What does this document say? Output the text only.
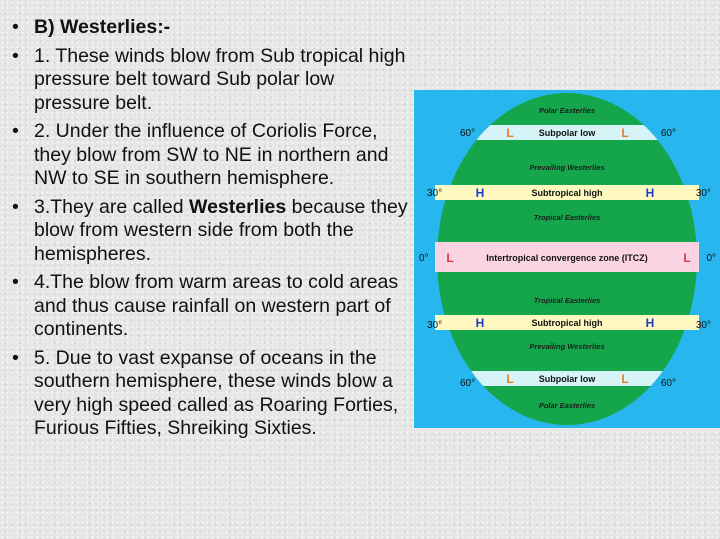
• B) Westerlies:-
• 1. These winds blow from Sub tropical high pressure belt toward Sub polar low pressure belt.
• 2. Under the influence of Coriolis Force, they blow from SW to NE in northern and NW to SE in southern hemisphere.
• 3.They are called Westerlies because they blow from western side from both the hemispheres.
• 4.The blow from warm areas to cold areas and thus cause rainfall on western part of continents.
• 5. Due to vast expanse of oceans in the southern hemisphere, these winds blow a very high speed called as Roaring Forties, Furious Fifties, Shreiking Sixties.
Polar Easterlies
Subpolar low
L	L
60°	60°
Prevailing Westerlies
Subtropical high
H	H
30°	30°
Tropical Easterlies
Intertropical convergence zone (ITCZ)
L	L
0°	0°
Tropical Easterlies
Subtropical high
H	H
30°	30°
Prevailing Westerlies
Subpolar low
L	L
60°	60°
Polar Easterlies
